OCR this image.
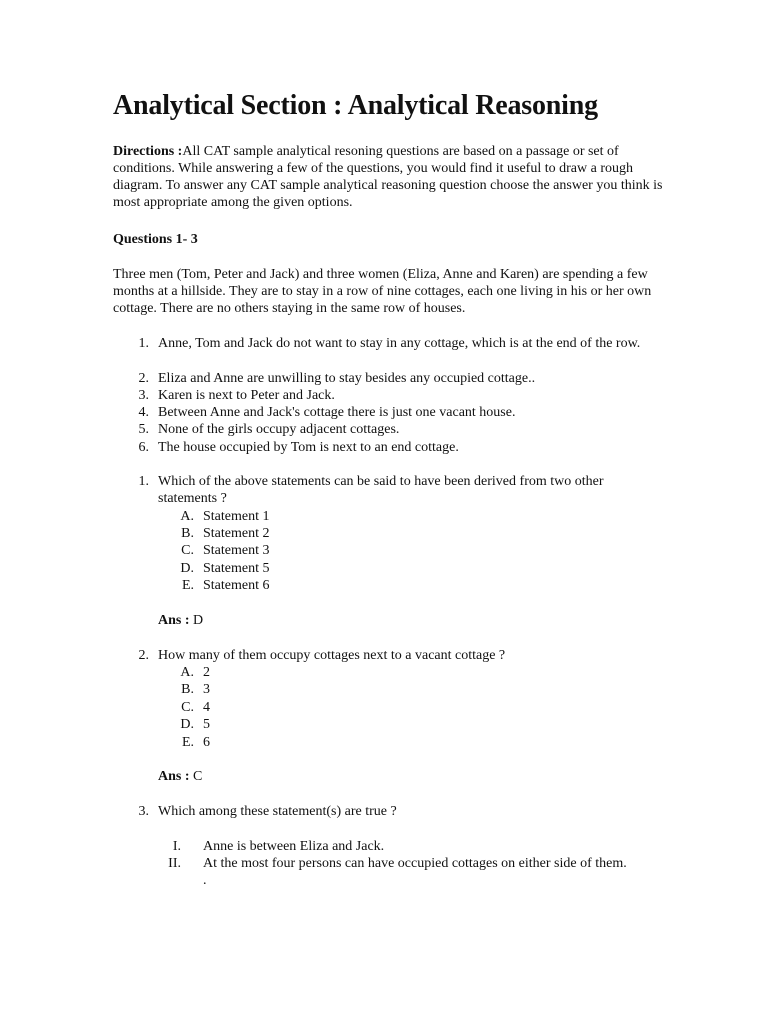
Analytical Section : Analytical Reasoning

Directions :All CAT sample analytical resoning questions are based on a passage or set of conditions. While answering a few of the questions, you would find it useful to draw a rough diagram. To answer any CAT sample analytical reasoning question choose the answer you think is most appropriate among the given options.

Questions 1- 3

Three men (Tom, Peter and Jack) and three women (Eliza, Anne and Karen) are spending a few months at a hillside. They are to stay in a row of nine cottages, each one living in his or her own cottage. There are no others staying in the same row of houses.

1. Anne, Tom and Jack do not want to stay in any cottage, which is at the end of the row.
2. Eliza and Anne are unwilling to stay besides any occupied cottage..
3. Karen is next to Peter and Jack.
4. Between Anne and Jack's cottage there is just one vacant house.
5. None of the girls occupy adjacent cottages.
6. The house occupied by Tom is next to an end cottage.
1. Which of the above statements can be said to have been derived from two other statements ?
A. Statement 1
B. Statement 2
C. Statement 3
D. Statement 5
E. Statement 6
Ans : D
2. How many of them occupy cottages next to a vacant cottage ?
A. 2
B. 3
C. 4
D. 5
E. 6
Ans : C
3. Which among these statement(s) are true ?
I. Anne is between Eliza and Jack.
II. At the most four persons can have occupied cottages on either side of them. .
